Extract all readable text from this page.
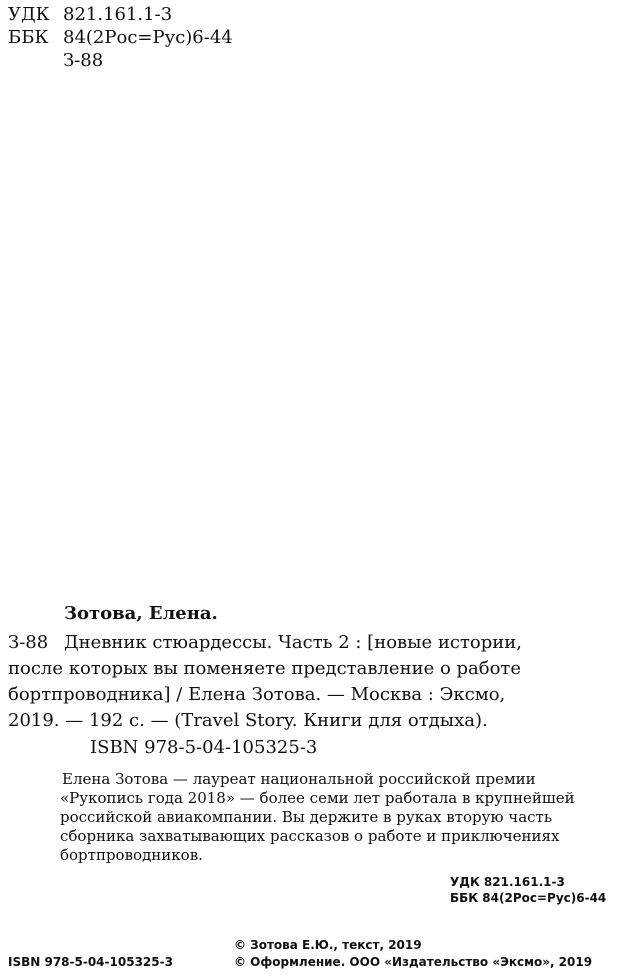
УДК 821.161.1-3
ББК 84(2Рос=Рус)6-44
З-88
Зотова, Елена.
З-88 Дневник стюардессы. Часть 2 : [новые истории,
после которых вы поменяете представление о работе
бортпроводника] / Елена Зотова. — Москва : Эксмо,
2019. — 192 с. — (Travel Story. Книги для отдыха).
ISBN 978-5-04-105325-3
Елена Зотова — лауреат национальной российской премии
«Рукопись года 2018» — более семи лет работала в крупнейшей
российской авиакомпании. Вы держите в руках вторую часть
сборника захватывающих рассказов о работе и приключениях
бортпроводников.
УДК 821.161.1-3
ББК 84(2Рос=Рус)6-44
© Зотова Е.Ю., текст, 2019
ISBN 978-5-04-105325-3	© Оформление. ООО «Издательство «Эксмо», 2019
